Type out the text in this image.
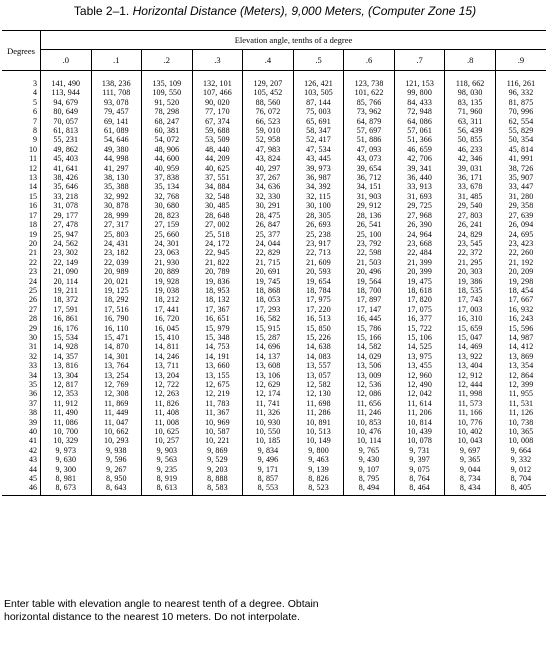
Table 2–1. Horizontal Distance (Meters), 9,000 Meters, (Computer Zone 15)
Degrees	Elevation angle, tenths of a degree									
	.0	.1	.2	.3	.4	.5	.6	.7	.8	.9

3	141, 490	138, 236	135, 109	132, 101	129, 207	126, 421	123, 738	121, 153	118, 662	116, 261
4	113, 944	111, 708	109, 550	107, 466	105, 452	103, 505	101, 622	99, 800	98, 030	96, 332
5	94, 679	93, 078	91, 520	90, 020	88, 560	87, 144	85, 766	84, 433	83, 135	81, 875
6	80, 649	79, 457	78, 298	77, 170	76, 072	75, 003	73, 962	72, 948	71, 960	70, 996
7	70, 057	69, 141	68, 247	67, 374	66, 523	65, 691	64, 879	64, 086	63, 311	62, 554
8	61, 813	61, 089	60, 381	59, 688	59, 010	58, 347	57, 697	57, 061	56, 439	55, 829
9	55, 231	54, 646	54, 072	53, 509	52, 958	52, 417	51, 886	51, 366	50, 855	50, 354
10	49, 862	49, 380	48, 906	48, 440	47, 983	47, 534	47, 093	46, 659	46, 233	45, 814
11	45, 403	44, 998	44, 600	44, 209	43, 824	43, 445	43, 073	42, 706	42, 346	41, 991
12	41, 641	41, 297	40, 959	40, 625	40, 297	39, 973	39, 654	39, 341	39, 031	38, 726
13	38, 426	38, 130	37, 838	37, 551	37, 267	36, 987	36, 712	36, 440	36, 171	35, 907
14	35, 646	35, 388	35, 134	34, 884	34, 636	34, 392	34, 151	33, 913	33, 678	33, 447
15	33, 218	32, 992	32, 768	32, 548	32, 330	32, 115	31, 903	31, 693	31, 485	31, 280
16	31, 078	30, 878	30, 680	30, 485	30, 291	30, 100	29, 912	29, 725	29, 540	29, 358
17	29, 177	28, 999	28, 823	28, 648	28, 475	28, 305	28, 136	27, 968	27, 803	27, 639
18	27, 478	27, 317	27, 159	27, 002	26, 847	26, 693	26, 541	26, 390	26, 241	26, 094
19	25, 947	25, 803	25, 660	25, 518	25, 377	25, 238	25, 100	24, 964	24, 829	24, 695
20	24, 562	24, 431	24, 301	24, 172	24, 044	23, 917	23, 792	23, 668	23, 545	23, 423
21	23, 302	23, 182	23, 063	22, 945	22, 829	22, 713	22, 598	22, 484	22, 372	22, 260
22	22, 149	22, 039	21, 930	21, 822	21, 715	21, 609	21, 503	21, 399	21, 295	21, 192
23	21, 090	20, 989	20, 889	20, 789	20, 691	20, 593	20, 496	20, 399	20, 303	20, 209
24	20, 114	20, 021	19, 928	19, 836	19, 745	19, 654	19, 564	19, 475	19, 386	19, 298
25	19, 211	19, 125	19, 038	18, 953	18, 868	18, 784	18, 700	18, 618	18, 535	18, 454
26	18, 372	18, 292	18, 212	18, 132	18, 053	17, 975	17, 897	17, 820	17, 743	17, 667
27	17, 591	17, 516	17, 441	17, 367	17, 293	17, 220	17, 147	17, 075	17, 003	16, 932
28	16, 861	16, 790	16, 720	16, 651	16, 582	16, 513	16, 445	16, 377	16, 310	16, 243
29	16, 176	16, 110	16, 045	15, 979	15, 915	15, 850	15, 786	15, 722	15, 659	15, 596
30	15, 534	15, 471	15, 410	15, 348	15, 287	15, 226	15, 166	15, 106	15, 047	14, 987
31	14, 928	14, 870	14, 811	14, 753	14, 696	14, 638	14, 582	14, 525	14, 469	14, 412
32	14, 357	14, 301	14, 246	14, 191	14, 137	14, 083	14, 029	13, 975	13, 922	13, 869
33	13, 816	13, 764	13, 711	13, 660	13, 608	13, 557	13, 506	13, 455	13, 404	13, 354
34	13, 304	13, 254	13, 204	13, 155	13, 106	13, 057	13, 009	12, 960	12, 912	12, 864
35	12, 817	12, 769	12, 722	12, 675	12, 629	12, 582	12, 536	12, 490	12, 444	12, 399
36	12, 353	12, 308	12, 263	12, 219	12, 174	12, 130	12, 086	12, 042	11, 998	11, 955
37	11, 912	11, 869	11, 826	11, 783	11, 741	11, 698	11, 656	11, 614	11, 573	11, 531
38	11, 490	11, 449	11, 408	11, 367	11, 326	11, 286	11, 246	11, 206	11, 166	11, 126
39	11, 086	11, 047	11, 008	10, 969	10, 930	10, 891	10, 853	10, 814	10, 776	10, 738
40	10, 700	10, 662	10, 625	10, 587	10, 550	10, 513	10, 476	10, 439	10, 402	10, 365
41	10, 329	10, 293	10, 257	10, 221	10, 185	10, 149	10, 114	10, 078	10, 043	10, 008
42	9, 973	9, 938	9, 903	9, 869	9, 834	9, 800	9, 765	9, 731	9, 697	9, 664
43	9, 630	9, 596	9, 563	9, 529	9, 496	9, 463	9, 430	9, 397	9, 365	9, 332
44	9, 300	9, 267	9, 235	9, 203	9, 171	9, 139	9, 107	9, 075	9, 044	9, 012
45	8, 981	8, 950	8, 919	8, 888	8, 857	8, 826	8, 795	8, 764	8, 734	8, 704
46	8, 673	8, 643	8, 613	8, 583	8, 553	8, 523	8, 494	8, 464	8, 434	8, 405
Enter table with elevation angle to nearest tenth of a degree. Obtain horizontal distance to the nearest 10 meters. Do not interpolate.
